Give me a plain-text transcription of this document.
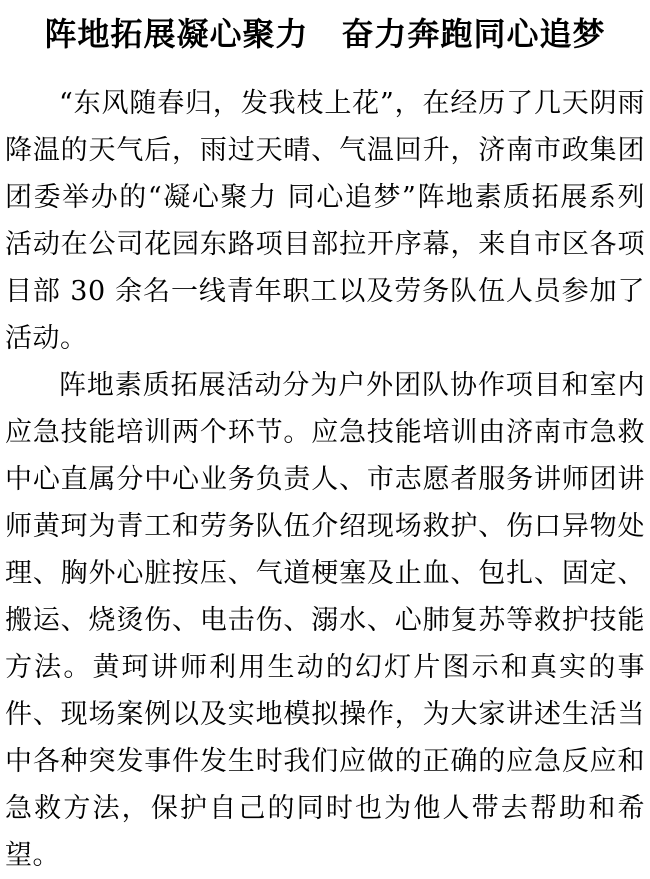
阵地拓展凝心聚力　奋力奔跑同心追梦

“东风随春归，发我枝上花”，在经历了几天阴雨降温的天气后，雨过天晴、气温回升，济南市政集团团委举办的“凝心聚力 同心追梦”阵地素质拓展系列活动在公司花园东路项目部拉开序幕，来自市区各项目部 30 余名一线青年职工以及劳务队伍人员参加了活动。

阵地素质拓展活动分为户外团队协作项目和室内应急技能培训两个环节。应急技能培训由济南市急救中心直属分中心业务负责人、市志愿者服务讲师团讲师黄珂为青工和劳务队伍介绍现场救护、伤口异物处理、胸外心脏按压、气道梗塞及止血、包扎、固定、搬运、烧烫伤、电击伤、溺水、心肺复苏等救护技能方法。黄珂讲师利用生动的幻灯片图示和真实的事件、现场案例以及实地模拟操作，为大家讲述生活当中各种突发事件发生时我们应做的正确的应急反应和急救方法，保护自己的同时也为他人带去帮助和希望。
